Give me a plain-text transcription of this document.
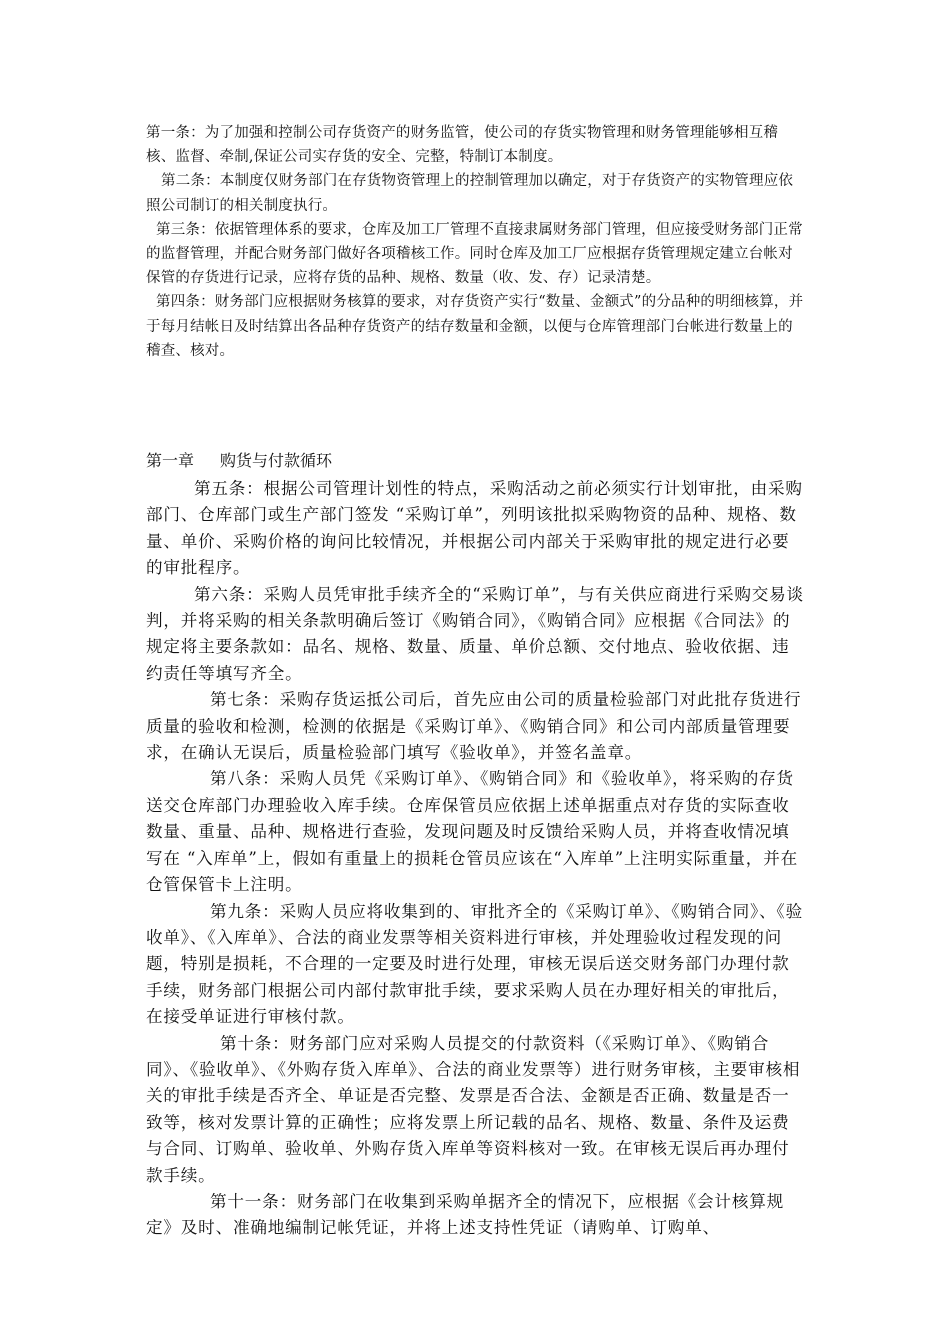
第一条：为了加强和控制公司存货资产的财务监管，使公司的存货实物管理和财务管理能够相互稽核、监督、牵制,保证公司实存货的安全、完整，特制订本制度。

第二条：本制度仅财务部门在存货物资管理上的控制管理加以确定，对于存货资产的实物管理应依照公司制订的相关制度执行。

第三条：依据管理体系的要求，仓库及加工厂管理不直接隶属财务部门管理，但应接受财务部门正常的监督管理，并配合财务部门做好各项稽核工作。同时仓库及加工厂应根据存货管理规定建立台帐对保管的存货进行记录，应将存货的品种、规格、数量（收、发、存）记录清楚。

第四条：财务部门应根据财务核算的要求，对存货资产实行“数量、金额式”的分品种的明细核算，并于每月结帐日及时结算出各品种存货资产的结存数量和金额，以便与仓库管理部门台帐进行数量上的稽查、核对。

第一章 购货与付款循环

第五条：根据公司管理计划性的特点，采购活动之前必须实行计划审批，由采购部门、仓库部门或生产部门签发 “采购订单”，列明该批拟采购物资的品种、规格、数量、单价、采购价格的询问比较情况，并根据公司内部关于采购审批的规定进行必要的审批程序。

第六条：采购人员凭审批手续齐全的“采购订单”，与有关供应商进行采购交易谈判，并将采购的相关条款明确后签订《购销合同》，《购销合同》应根据《合同法》的规定将主要条款如：品名、规格、数量、质量、单价总额、交付地点、验收依据、违约责任等填写齐全。

第七条：采购存货运抵公司后，首先应由公司的质量检验部门对此批存货进行质量的验收和检测，检测的依据是《采购订单》、《购销合同》和公司内部质量管理要求，在确认无误后，质量检验部门填写《验收单》，并签名盖章。

第八条：采购人员凭《采购订单》、《购销合同》和《验收单》，将采购的存货送交仓库部门办理验收入库手续。仓库保管员应依据上述单据重点对存货的实际查收数量、重量、品种、规格进行查验，发现问题及时反馈给采购人员，并将查收情况填写在 “入库单”上，假如有重量上的损耗仓管员应该在“入库单”上注明实际重量，并在仓管保管卡上注明。

第九条：采购人员应将收集到的、审批齐全的《采购订单》、《购销合同》、《验收单》、《入库单》、合法的商业发票等相关资料进行审核，并处理验收过程发现的问题，特别是损耗，不合理的一定要及时进行处理，审核无误后送交财务部门办理付款手续，财务部门根据公司内部付款审批手续，要求采购人员在办理好相关的审批后，在接受单证进行审核付款。

第十条：财务部门应对采购人员提交的付款资料（《采购订单》、《购销合同》、《验收单》、《外购存货入库单》、合法的商业发票等）进行财务审核，主要审核相关的审批手续是否齐全、单证是否完整、发票是否合法、金额是否正确、数量是否一致等，核对发票计算的正确性；应将发票上所记载的品名、规格、数量、条件及运费与合同、订购单、验收单、外购存货入库单等资料核对一致。在审核无误后再办理付款手续。

第十一条：财务部门在收集到采购单据齐全的情况下，应根据《会计核算规定》及时、准确地编制记帐凭证，并将上述支持性凭证（请购单、订购单、
